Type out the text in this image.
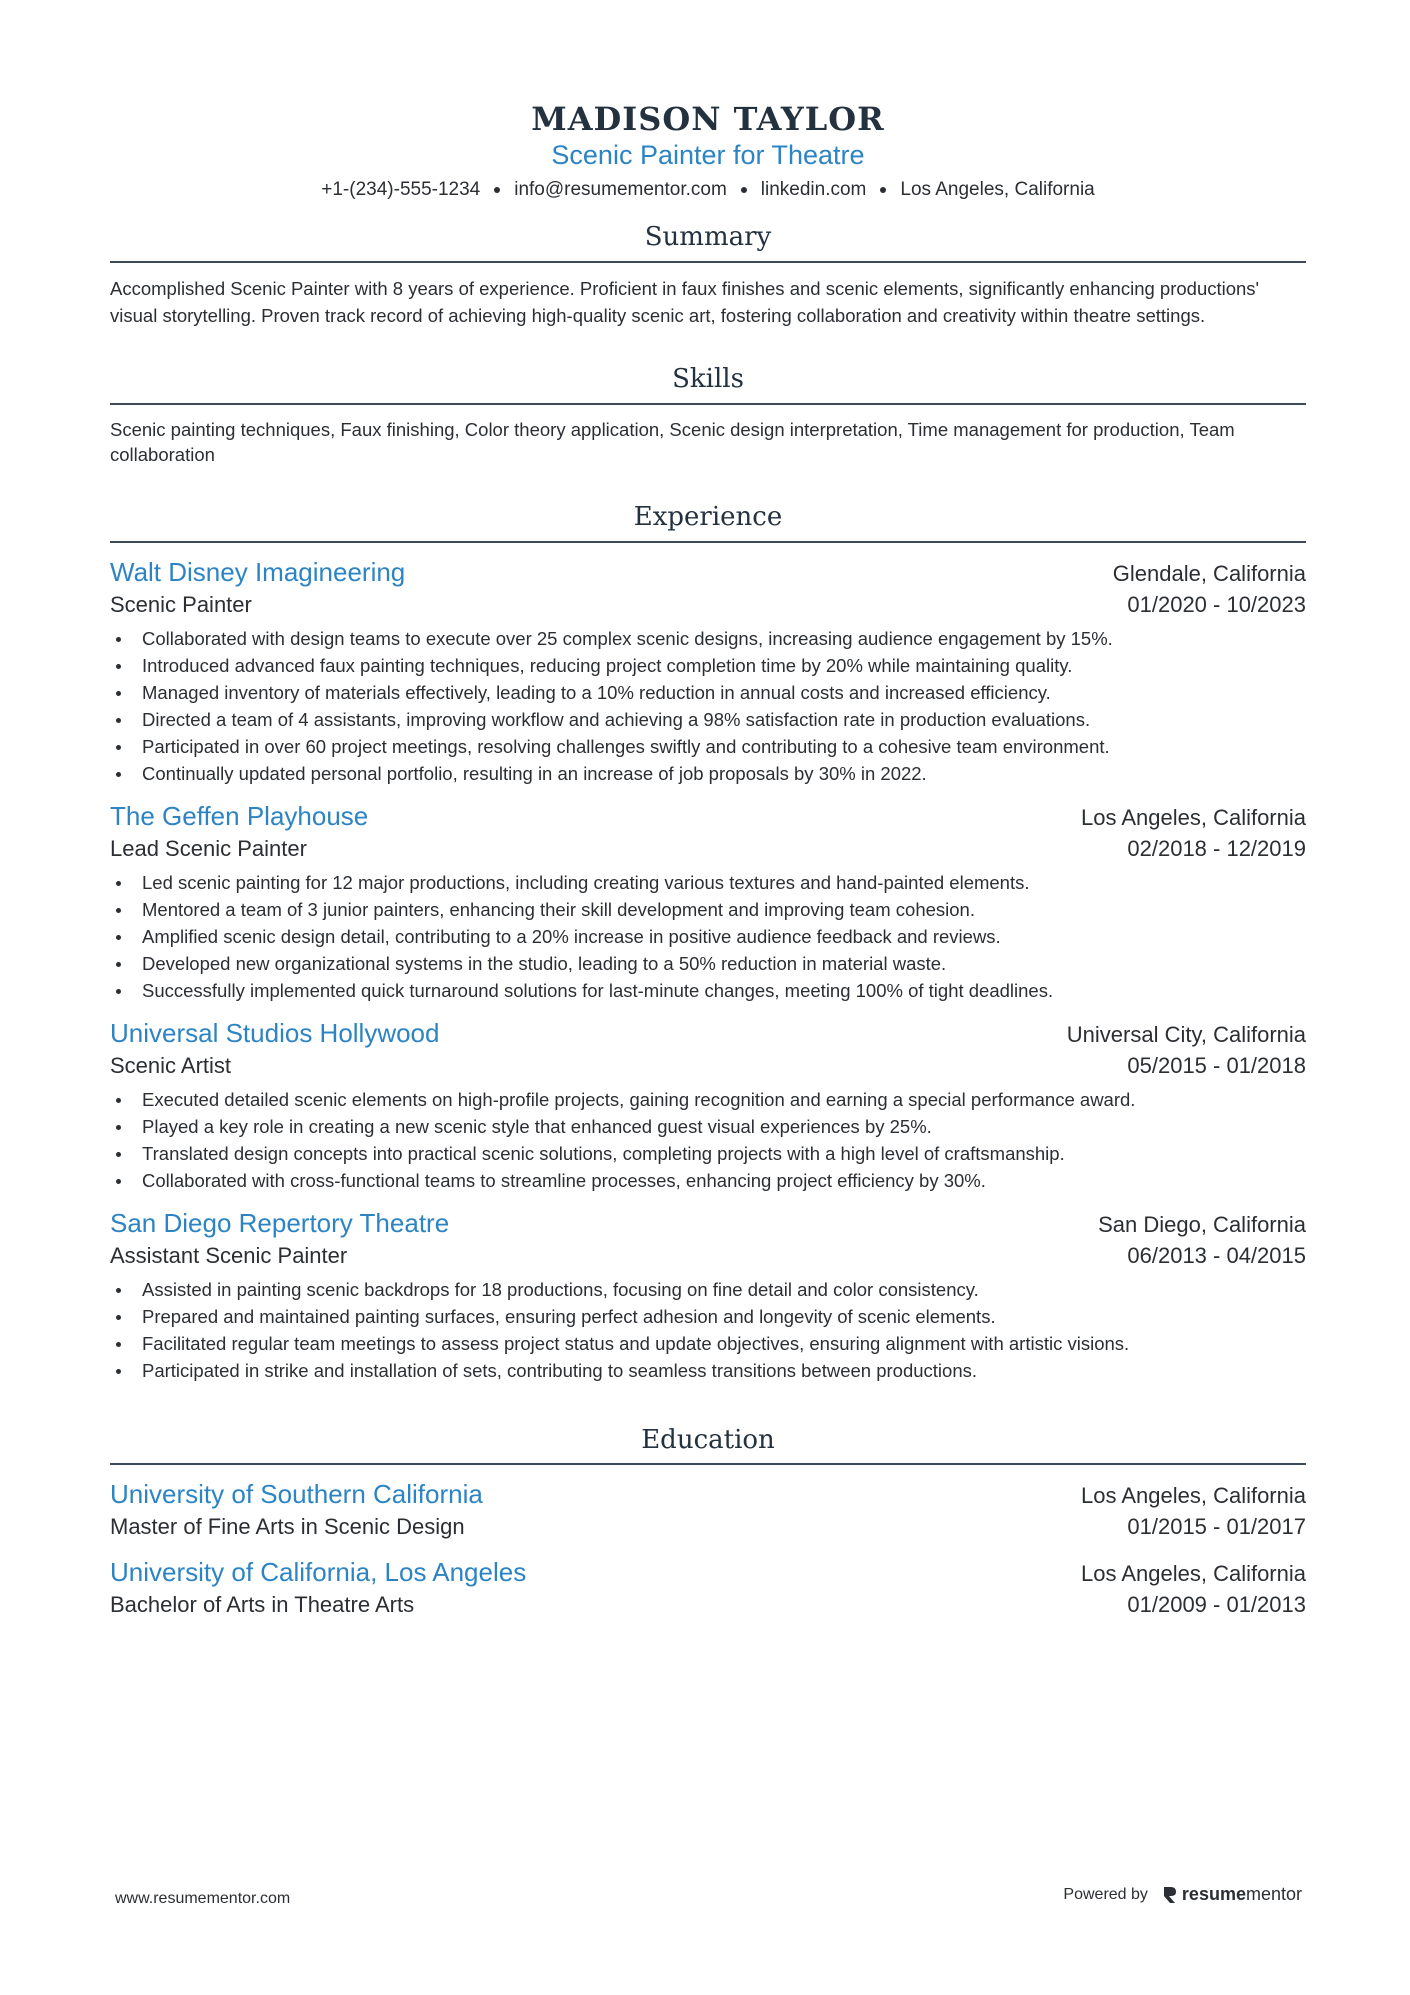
MADISON TAYLOR
Scenic Painter for Theatre
+1-(234)-555-1234 info@resumementor.com linkedin.com Los Angeles, California
Summary
Accomplished Scenic Painter with 8 years of experience. Proficient in faux finishes and scenic elements, significantly enhancing productions' visual storytelling. Proven track record of achieving high-quality scenic art, fostering collaboration and creativity within theatre settings.
Skills
Scenic painting techniques, Faux finishing, Color theory application, Scenic design interpretation, Time management for production, Team collaboration
Experience
Walt Disney Imagineering	Glendale, California
Scenic Painter	01/2020 - 10/2023
Collaborated with design teams to execute over 25 complex scenic designs, increasing audience engagement by 15%.
Introduced advanced faux painting techniques, reducing project completion time by 20% while maintaining quality.
Managed inventory of materials effectively, leading to a 10% reduction in annual costs and increased efficiency.
Directed a team of 4 assistants, improving workflow and achieving a 98% satisfaction rate in production evaluations.
Participated in over 60 project meetings, resolving challenges swiftly and contributing to a cohesive team environment.
Continually updated personal portfolio, resulting in an increase of job proposals by 30% in 2022.
The Geffen Playhouse	Los Angeles, California
Lead Scenic Painter	02/2018 - 12/2019
Led scenic painting for 12 major productions, including creating various textures and hand-painted elements.
Mentored a team of 3 junior painters, enhancing their skill development and improving team cohesion.
Amplified scenic design detail, contributing to a 20% increase in positive audience feedback and reviews.
Developed new organizational systems in the studio, leading to a 50% reduction in material waste.
Successfully implemented quick turnaround solutions for last-minute changes, meeting 100% of tight deadlines.
Universal Studios Hollywood	Universal City, California
Scenic Artist	05/2015 - 01/2018
Executed detailed scenic elements on high-profile projects, gaining recognition and earning a special performance award.
Played a key role in creating a new scenic style that enhanced guest visual experiences by 25%.
Translated design concepts into practical scenic solutions, completing projects with a high level of craftsmanship.
Collaborated with cross-functional teams to streamline processes, enhancing project efficiency by 30%.
San Diego Repertory Theatre	San Diego, California
Assistant Scenic Painter	06/2013 - 04/2015
Assisted in painting scenic backdrops for 18 productions, focusing on fine detail and color consistency.
Prepared and maintained painting surfaces, ensuring perfect adhesion and longevity of scenic elements.
Facilitated regular team meetings to assess project status and update objectives, ensuring alignment with artistic visions.
Participated in strike and installation of sets, contributing to seamless transitions between productions.
Education
University of Southern California	Los Angeles, California
Master of Fine Arts in Scenic Design	01/2015 - 01/2017
University of California, Los Angeles	Los Angeles, California
Bachelor of Arts in Theatre Arts	01/2009 - 01/2013
www.resumementor.com	Powered by resume mentor
